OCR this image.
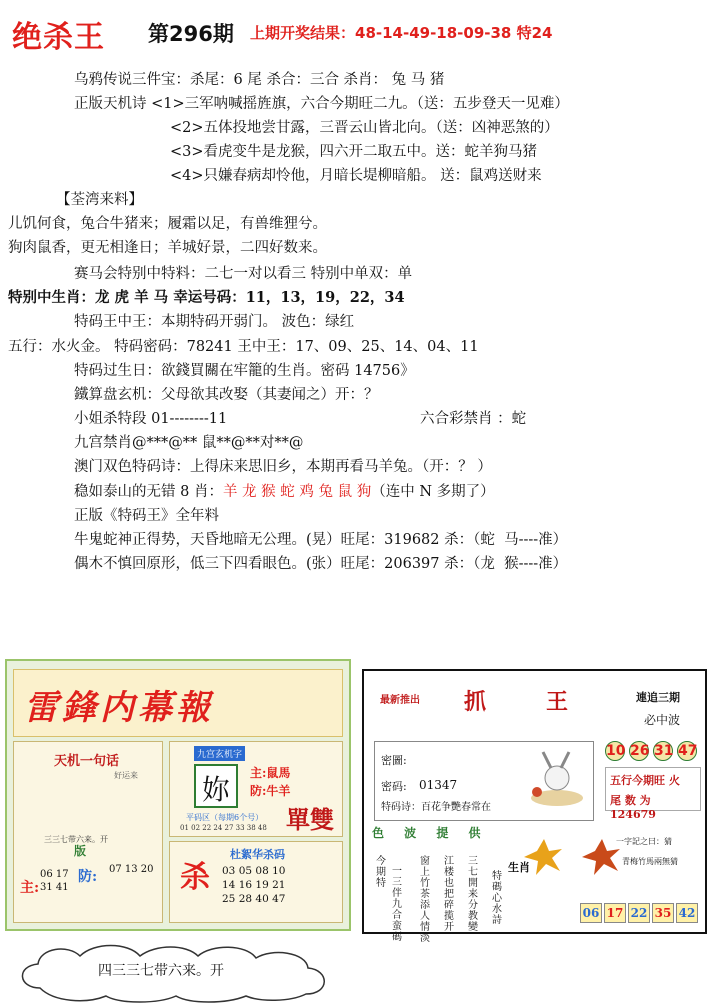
绝杀王 第296期 上期开奖结果：48-14-49-18-09-38 特24
乌鸦传说三件宝：杀尾：6 尾 杀合：三合 杀肖： 兔 马 猪
正版天机诗 <1>三军呐喊摇旌旗，六合今期旺二九。（送：五步登天一见难）
<2>五体投地尝甘露，三晋云山皆北向。（送：凶神恶煞的）
<3>看虎变牛是龙猴，四六开二取五中。送：蛇羊狗马猪
<4>只嫌春病却怜他，月暗长堤柳暗船。 送：鼠鸡送财来
【荃湾来料】
儿饥何食，兔合牛猪来；履霜以足，有兽维狸兮。
狗肉鼠香，更无相逢日；羊城好景，二四好数来。
赛马会特别中特料：二七一对以看三 特别中单双：单
特别中生肖：龙 虎 羊 马 幸运号码：11，13，19，22，34
特码王中王：本期特码开弱门。 波色：绿红
五行：水火金。 特码密码：78241 王中王：17、09、25、14、04、11
特码过生日：欲錢買關在牢籠的生肖。密码 14756》
鐵算盘玄机：父母欲其改娶（其妻闻之）开：？
小姐杀特段 01--------11	六合彩禁肖 ：蛇
九宫禁肖@***@** 鼠**@**对**@
澳门双色特码诗：上得床来思旧乡，本期再看马羊兔。（开：？ ）
稳如泰山的无错 8 肖：羊 龙 猴 蛇 鸡 兔 鼠 狗（连中 N 多期了）
正版《特码王》全年料
牛鬼蛇神正得势，天昏地暗无公理。(晃）旺尾：319682 杀：（蛇  马----准）
偶木不慎回原形，低三下四看眼色。(张）旺尾：206397 杀：（龙  猴----准）
雷鋒内幕報
天机一句话
好运来
三三七带六来。开
版
主:
06 17
31 41
防: 07 13 20
九宫玄机字
妳	主:鼠馬
防:牛羊
單雙
平码区（每期6个号）
01 02 22 24 27 33 38 48
杀
杜絮华杀码
03 05 08 10
14 16 19 21
25 28 40 47
最新推出 抓王 連追三期
必中波
密圖:
密码: 01347
特码诗：百花争艷春常在
10 26 31 47
五行今期旺 火
尾 数 为 124679
色 波 提 供
今期特
一三伴九合蛮碼
窗上竹茶添人情淡
江楼也把碎揽开
三七開来分教變
生肖
特碼心水詩
一字記之曰：猜
青梅竹馬兩無猜
06 17 22 35 42
四三三七带六来。开
